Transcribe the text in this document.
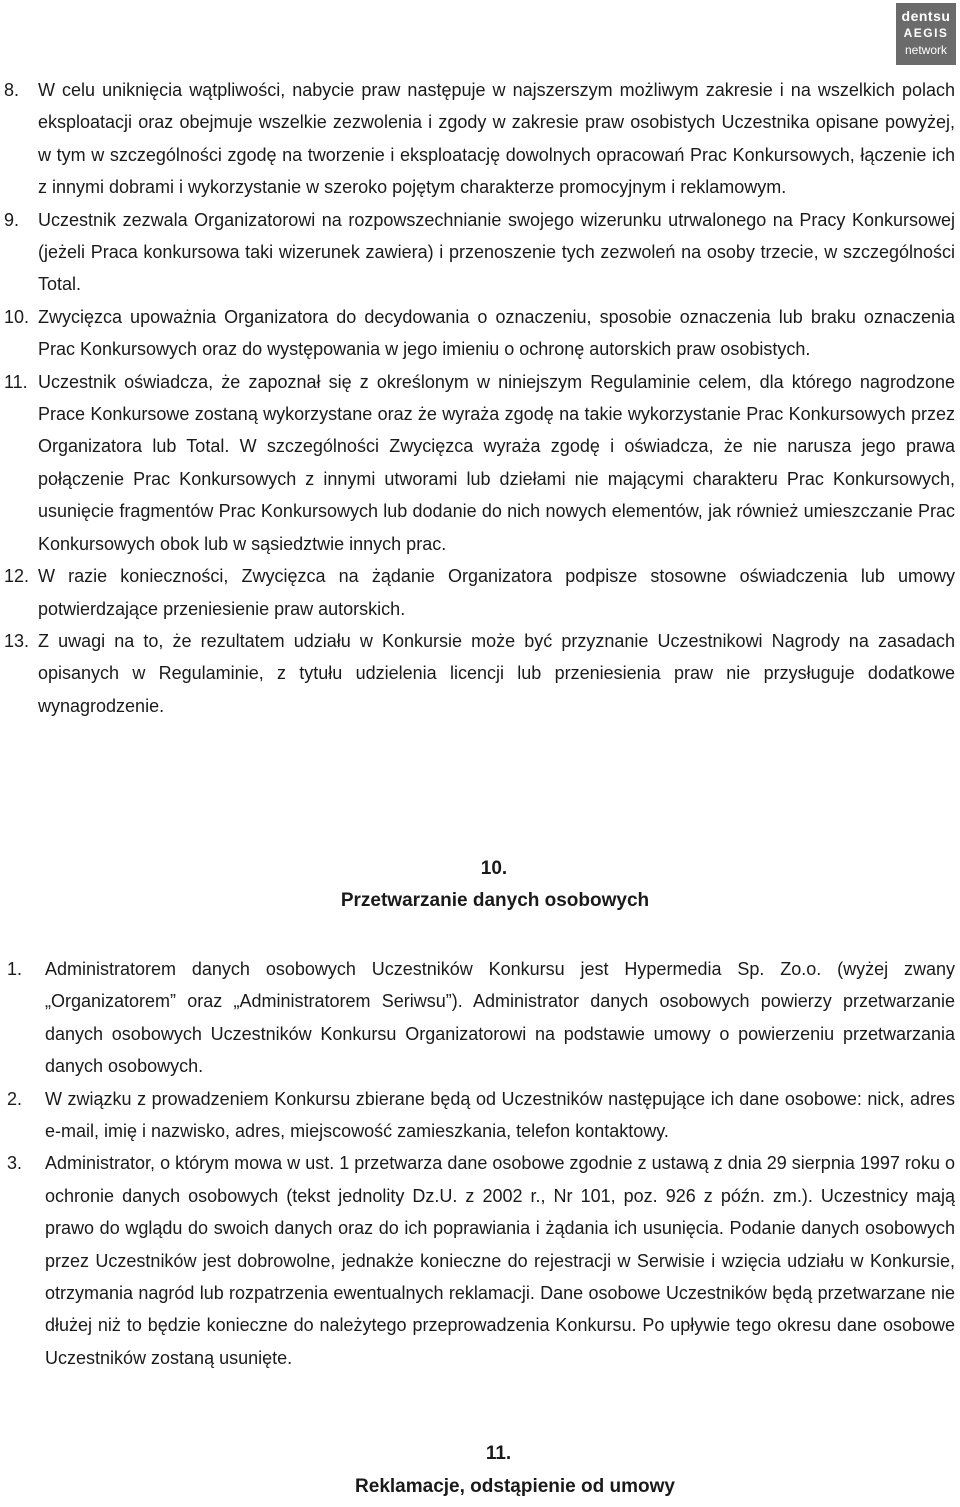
dentsu
AEGIS
network
8. W celu uniknięcia wątpliwości, nabycie praw następuje w najszerszym możliwym zakresie i na wszelkich polach eksploatacji oraz obejmuje wszelkie zezwolenia i zgody w zakresie praw osobistych Uczestnika opisane powyżej, w tym w szczególności zgodę na tworzenie i eksploatację dowolnych opracowań Prac Konkursowych, łączenie ich z innymi dobrami i wykorzystanie w szeroko pojętym charakterze promocyjnym i reklamowym.
9. Uczestnik zezwala Organizatorowi na rozpowszechnianie swojego wizerunku utrwalonego na Pracy Konkursowej (jeżeli Praca konkursowa taki wizerunek zawiera) i przenoszenie tych zezwoleń na osoby trzecie, w szczególności Total.
10. Zwycięzca upoważnia Organizatora do decydowania o oznaczeniu, sposobie oznaczenia lub braku oznaczenia Prac Konkursowych oraz do występowania w jego imieniu o ochronę autorskich praw osobistych.
11. Uczestnik oświadcza, że zapoznał się z określonym w niniejszym Regulaminie celem, dla którego nagrodzone Prace Konkursowe zostaną wykorzystane oraz że wyraża zgodę na takie wykorzystanie Prac Konkursowych przez Organizatora lub Total. W szczególności Zwycięzca wyraża zgodę i oświadcza, że nie narusza jego prawa połączenie Prac Konkursowych z innymi utworami lub dziełami nie mającymi charakteru Prac Konkursowych, usunięcie fragmentów Prac Konkursowych lub dodanie do nich nowych elementów, jak również umieszczanie Prac Konkursowych obok lub w sąsiedztwie innych prac.
12. W razie konieczności, Zwycięzca na żądanie Organizatora podpisze stosowne oświadczenia lub umowy potwierdzające przeniesienie praw autorskich.
13. Z uwagi na to, że rezultatem udziału w Konkursie może być przyznanie Uczestnikowi Nagrody na zasadach opisanych w Regulaminie, z tytułu udzielenia licencji lub przeniesienia praw nie przysługuje dodatkowe wynagrodzenie.
10.
Przetwarzanie danych osobowych
1. Administratorem danych osobowych Uczestników Konkursu jest Hypermedia Sp. Zo.o. (wyżej zwany „Organizatorem” oraz „Administratorem Seriwsu”). Administrator danych osobowych powierzy przetwarzanie danych osobowych Uczestników Konkursu Organizatorowi na podstawie umowy o powierzeniu przetwarzania danych osobowych.
2. W związku z prowadzeniem Konkursu zbierane będą od Uczestników następujące ich dane osobowe: nick, adres e-mail, imię i nazwisko, adres, miejscowość zamieszkania, telefon kontaktowy.
3. Administrator, o którym mowa w ust. 1 przetwarza dane osobowe zgodnie z ustawą z dnia 29 sierpnia 1997 roku o ochronie danych osobowych (tekst jednolity Dz.U. z 2002 r., Nr 101, poz. 926 z późn. zm.). Uczestnicy mają prawo do wglądu do swoich danych oraz do ich poprawiania i żądania ich usunięcia. Podanie danych osobowych przez Uczestników jest dobrowolne, jednakże konieczne do rejestracji w Serwisie i wzięcia udziału w Konkursie, otrzymania nagród lub rozpatrzenia ewentualnych reklamacji. Dane osobowe Uczestników będą przetwarzane nie dłużej niż to będzie konieczne do należytego przeprowadzenia Konkursu. Po upływie tego okresu dane osobowe Uczestników zostaną usunięte.
11.
Reklamacje, odstąpienie od umowy
